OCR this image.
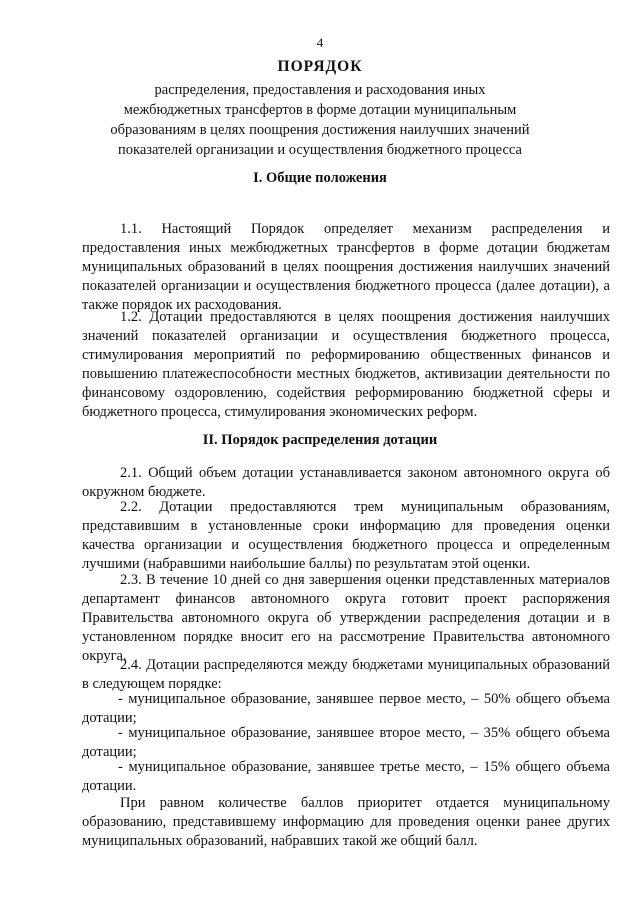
4
ПОРЯДОК
распределения, предоставления и расходования иных межбюджетных трансфертов в форме дотации муниципальным образованиям в целях поощрения достижения наилучших значений показателей организации и осуществления бюджетного процесса
I. Общие положения

1.1. Настоящий Порядок определяет механизм распределения и предоставления иных межбюджетных трансфертов в форме дотации бюджетам муниципальных образований в целях поощрения достижения наилучших значений показателей организации и осуществления бюджетного процесса (далее дотации), а также порядок их расходования.

1.2. Дотации предоставляются в целях поощрения достижения наилучших значений показателей организации и осуществления бюджетного процесса, стимулирования мероприятий по реформированию общественных финансов и повышению платежеспособности местных бюджетов, активизации деятельности по финансовому оздоровлению, содействия реформированию бюджетной сферы и бюджетного процесса, стимулирования экономических реформ.

II. Порядок распределения дотации

2.1. Общий объем дотации устанавливается законом автономного округа об окружном бюджете.

2.2. Дотации предоставляются трем муниципальным образованиям, представившим в установленные сроки информацию для проведения оценки качества организации и осуществления бюджетного процесса и определенным лучшими (набравшими наибольшие баллы) по результатам этой оценки.

2.3. В течение 10 дней со дня завершения оценки представленных материалов департамент финансов автономного округа готовит проект распоряжения Правительства автономного округа об утверждении распределения дотации и в установленном порядке вносит его на рассмотрение Правительства автономного округа.

2.4. Дотации распределяются между бюджетами муниципальных образований в следующем порядке:

- муниципальное образование, занявшее первое место, – 50% общего объема дотации;

- муниципальное образование, занявшее второе место, – 35% общего объема дотации;

- муниципальное образование, занявшее третье место, – 15% общего объема дотации.

При равном количестве баллов приоритет отдается муниципальному образованию, представившему информацию для проведения оценки ранее других муниципальных образований, набравших такой же общий балл.
